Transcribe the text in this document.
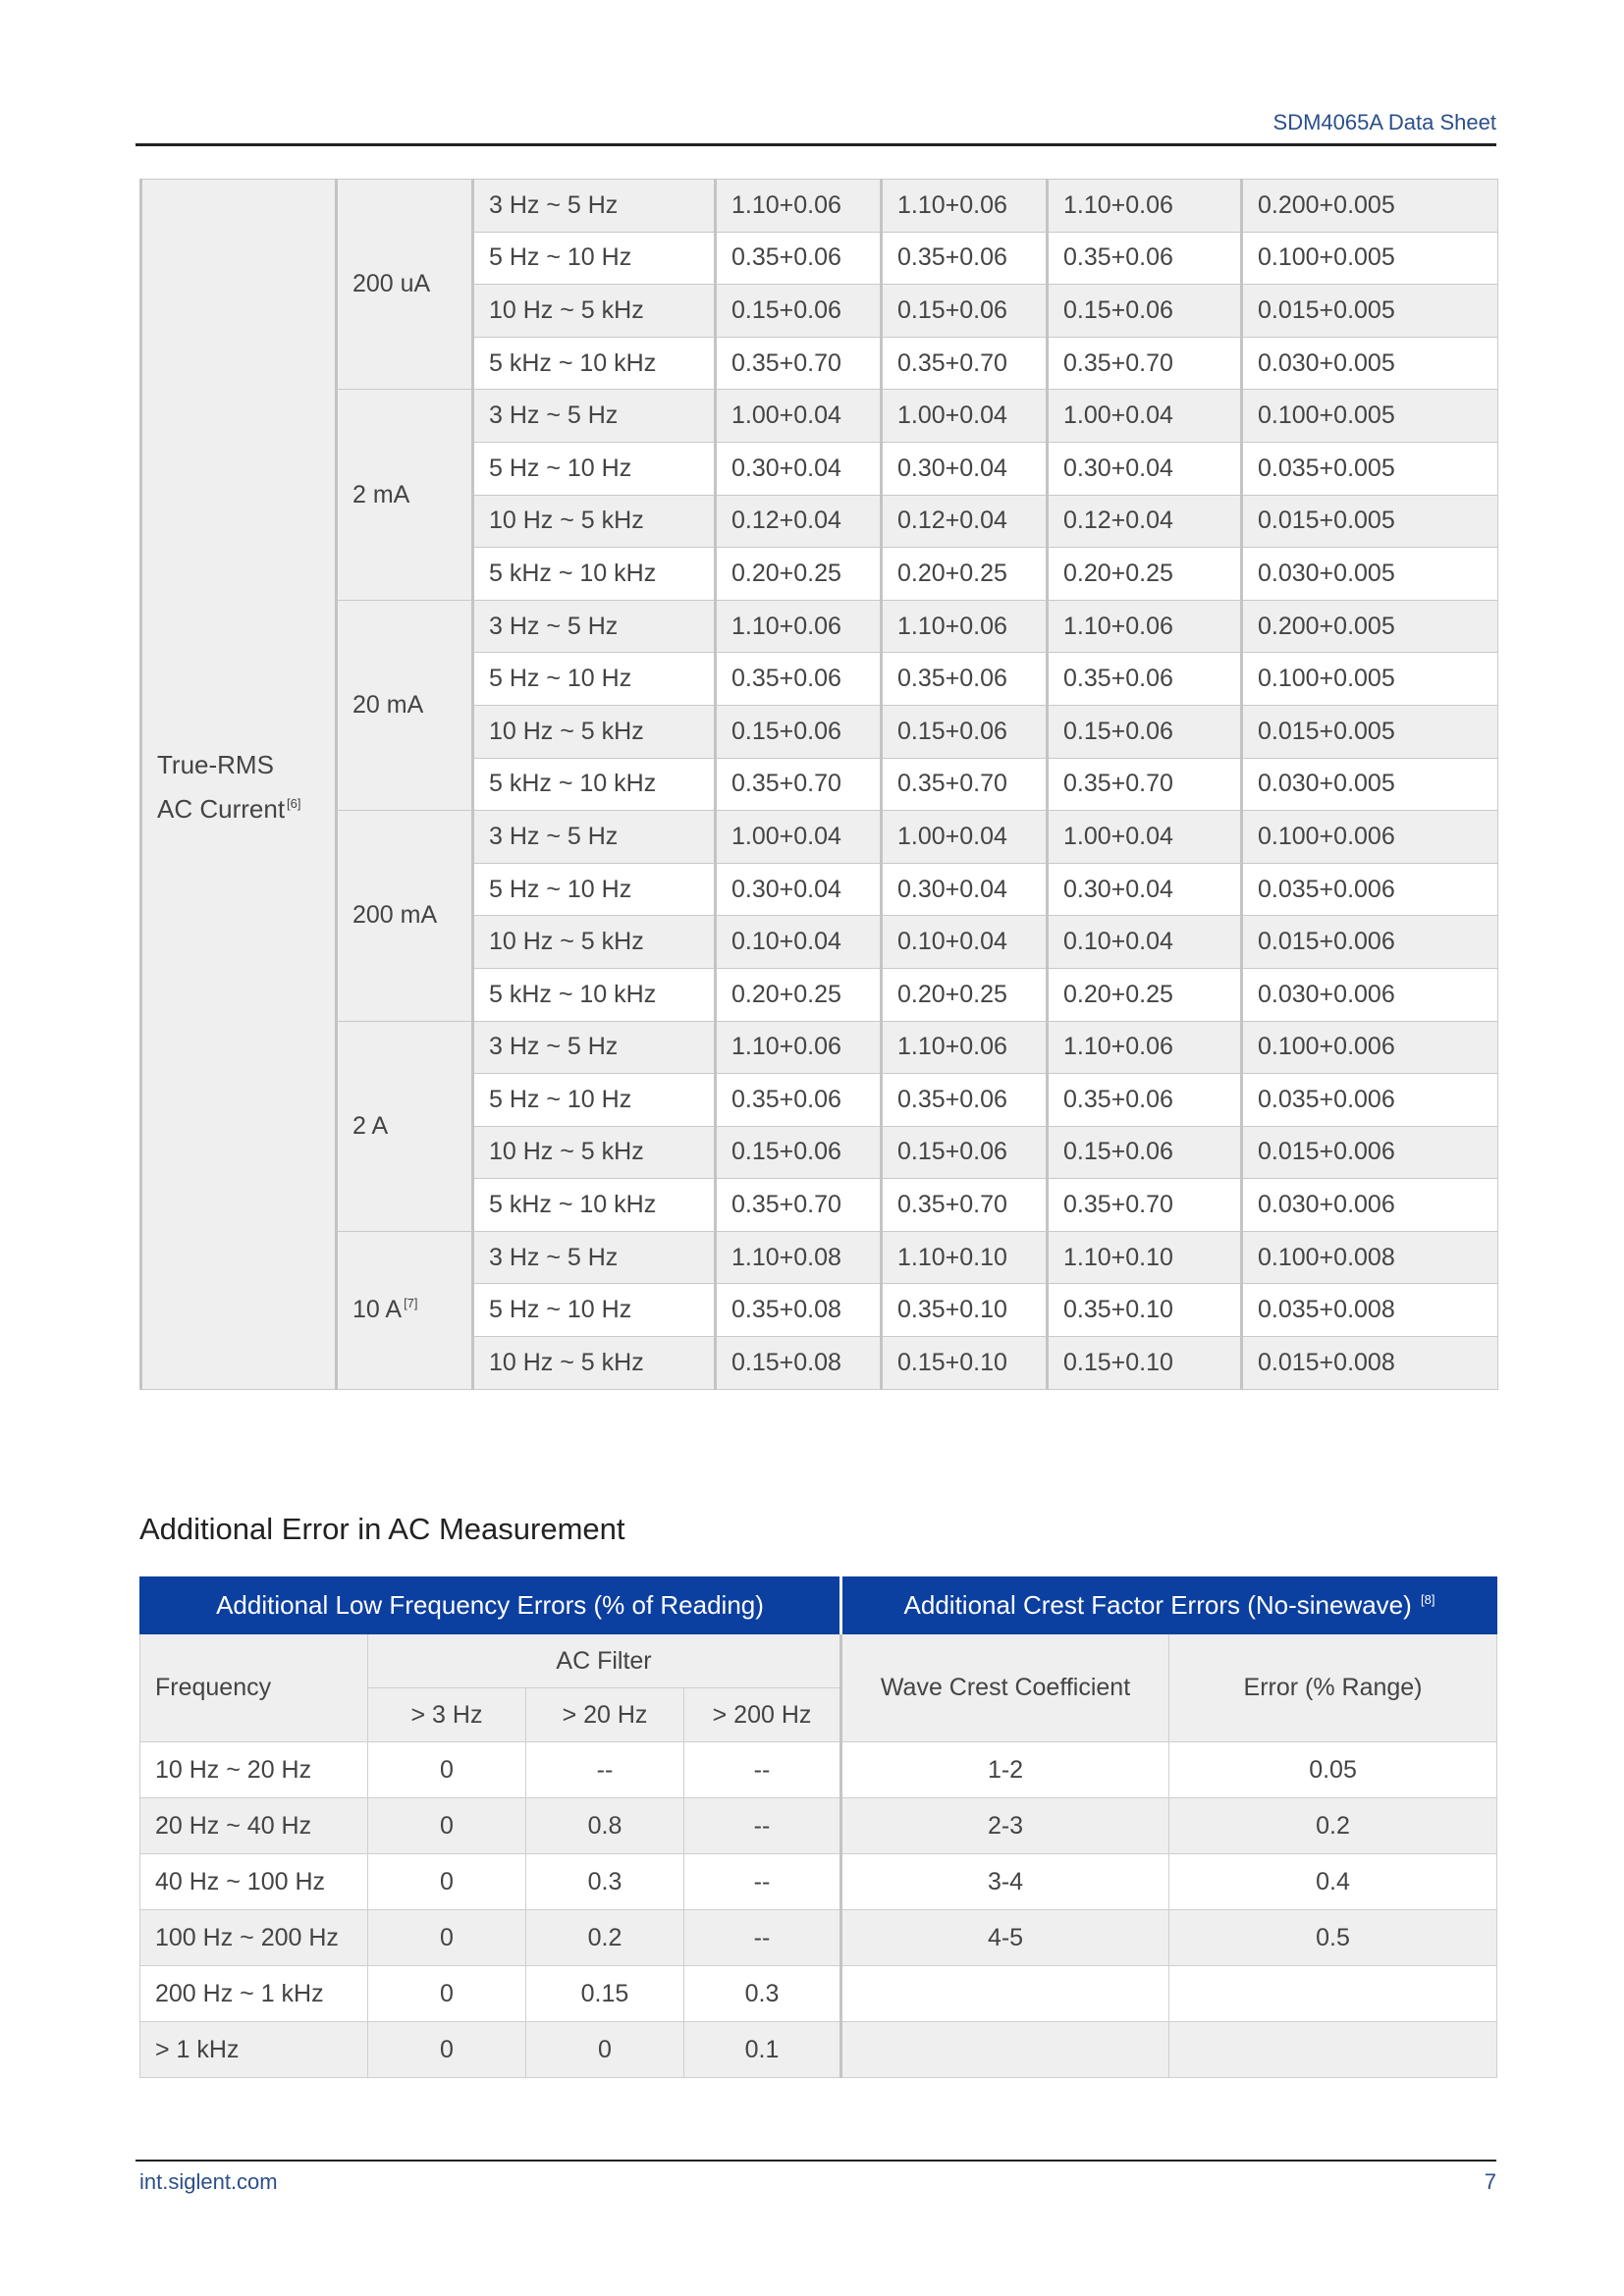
SDM4065A Data Sheet
True-RMS
AC Current [6]	200 uA	3 Hz ~ 5 Hz	1.10+0.06	1.10+0.06	1.10+0.06	0.200+0.005
		5 Hz ~ 10 Hz	0.35+0.06	0.35+0.06	0.35+0.06	0.100+0.005
		10 Hz ~ 5 kHz	0.15+0.06	0.15+0.06	0.15+0.06	0.015+0.005
		5 kHz ~ 10 kHz	0.35+0.70	0.35+0.70	0.35+0.70	0.030+0.005
	2 mA	3 Hz ~ 5 Hz	1.00+0.04	1.00+0.04	1.00+0.04	0.100+0.005
		5 Hz ~ 10 Hz	0.30+0.04	0.30+0.04	0.30+0.04	0.035+0.005
		10 Hz ~ 5 kHz	0.12+0.04	0.12+0.04	0.12+0.04	0.015+0.005
		5 kHz ~ 10 kHz	0.20+0.25	0.20+0.25	0.20+0.25	0.030+0.005
	20 mA	3 Hz ~ 5 Hz	1.10+0.06	1.10+0.06	1.10+0.06	0.200+0.005
		5 Hz ~ 10 Hz	0.35+0.06	0.35+0.06	0.35+0.06	0.100+0.005
		10 Hz ~ 5 kHz	0.15+0.06	0.15+0.06	0.15+0.06	0.015+0.005
		5 kHz ~ 10 kHz	0.35+0.70	0.35+0.70	0.35+0.70	0.030+0.005
	200 mA	3 Hz ~ 5 Hz	1.00+0.04	1.00+0.04	1.00+0.04	0.100+0.006
		5 Hz ~ 10 Hz	0.30+0.04	0.30+0.04	0.30+0.04	0.035+0.006
		10 Hz ~ 5 kHz	0.10+0.04	0.10+0.04	0.10+0.04	0.015+0.006
		5 kHz ~ 10 kHz	0.20+0.25	0.20+0.25	0.20+0.25	0.030+0.006
	2 A	3 Hz ~ 5 Hz	1.10+0.06	1.10+0.06	1.10+0.06	0.100+0.006
		5 Hz ~ 10 Hz	0.35+0.06	0.35+0.06	0.35+0.06	0.035+0.006
		10 Hz ~ 5 kHz	0.15+0.06	0.15+0.06	0.15+0.06	0.015+0.006
		5 kHz ~ 10 kHz	0.35+0.70	0.35+0.70	0.35+0.70	0.030+0.006
	10 A [7]	3 Hz ~ 5 Hz	1.10+0.08	1.10+0.10	1.10+0.10	0.100+0.008
		5 Hz ~ 10 Hz	0.35+0.08	0.35+0.10	0.35+0.10	0.035+0.008
		10 Hz ~ 5 kHz	0.15+0.08	0.15+0.10	0.15+0.10	0.015+0.008
Additional Error in AC Measurement
Additional Low Frequency Errors (% of Reading)				Additional Crest Factor Errors (No-sinewave) [8]
Frequency	AC Filter			Wave Crest Coefficient	Error (% Range)
	> 3 Hz	> 20 Hz	> 200 Hz		
10 Hz ~ 20 Hz	0	--	--	1-2	0.05
20 Hz ~ 40 Hz	0	0.8	--	2-3	0.2
40 Hz ~ 100 Hz	0	0.3	--	3-4	0.4
100 Hz ~ 200 Hz	0	0.2	--	4-5	0.5
200 Hz ~ 1 kHz	0	0.15	0.3		
> 1 kHz	0	0	0.1		
int.siglent.com	7
